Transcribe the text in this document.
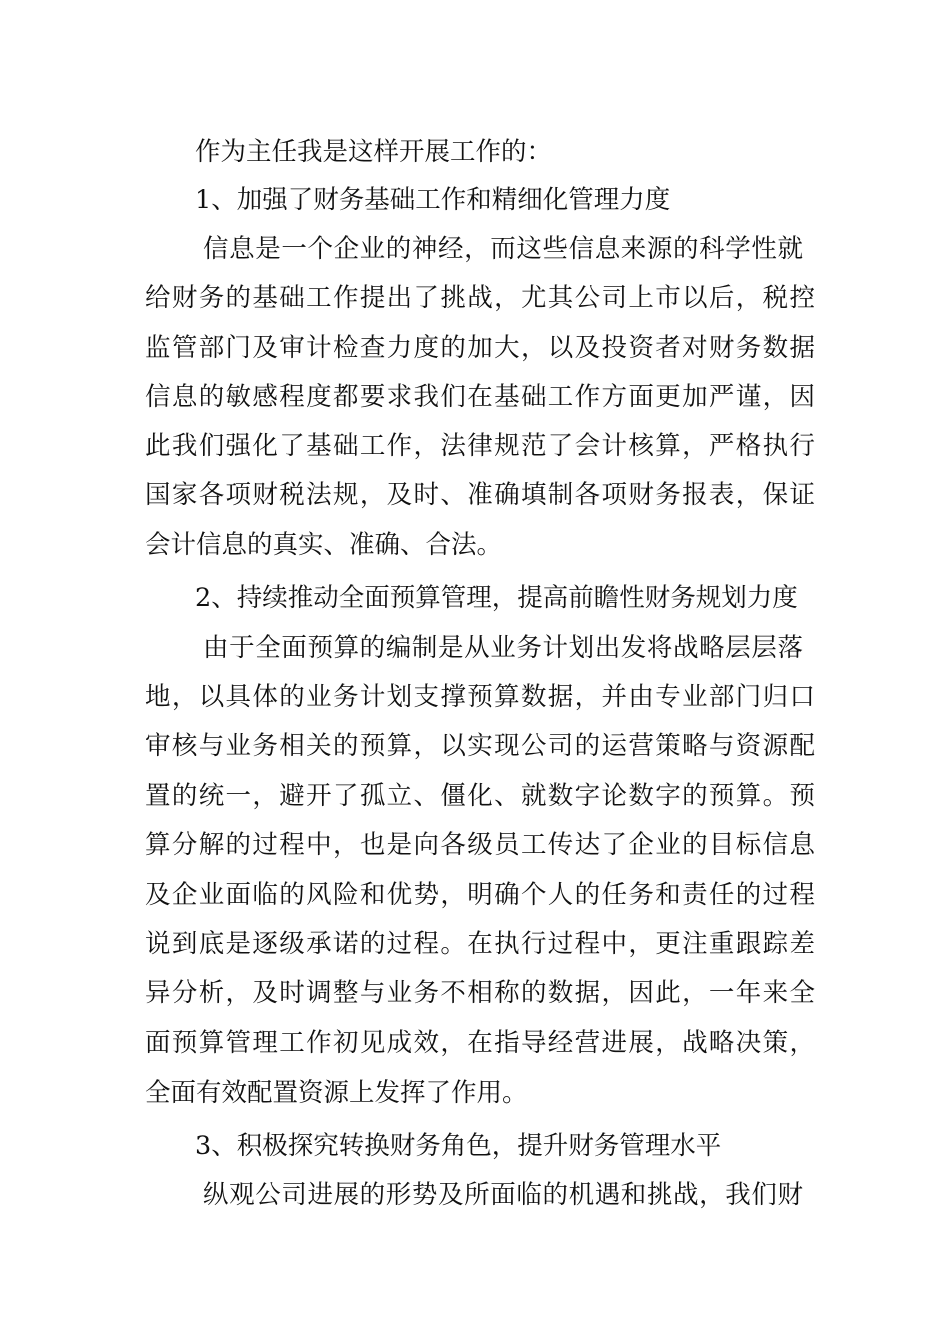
作为主任我是这样开展工作的：
1、加强了财务基础工作和精细化管理力度
信息是一个企业的神经，而这些信息来源的科学性就
给财务的基础工作提出了挑战，尤其公司上市以后，税控
监管部门及审计检查力度的加大，以及投资者对财务数据
信息的敏感程度都要求我们在基础工作方面更加严谨，因
此我们强化了基础工作，法律规范了会计核算，严格执行
国家各项财税法规，及时、准确填制各项财务报表，保证
会计信息的真实、准确、合法。
2、持续推动全面预算管理，提高前瞻性财务规划力度
由于全面预算的编制是从业务计划出发将战略层层落
地，以具体的业务计划支撑预算数据，并由专业部门归口
审核与业务相关的预算，以实现公司的运营策略与资源配
置的统一，避开了孤立、僵化、就数字论数字的预算。预
算分解的过程中，也是向各级员工传达了企业的目标信息
及企业面临的风险和优势，明确个人的任务和责任的过程
说到底是逐级承诺的过程。在执行过程中，更注重跟踪差
异分析，及时调整与业务不相称的数据，因此，一年来全
面预算管理工作初见成效，在指导经营进展，战略决策，
全面有效配置资源上发挥了作用。
3、积极探究转换财务角色，提升财务管理水平
纵观公司进展的形势及所面临的机遇和挑战，我们财
